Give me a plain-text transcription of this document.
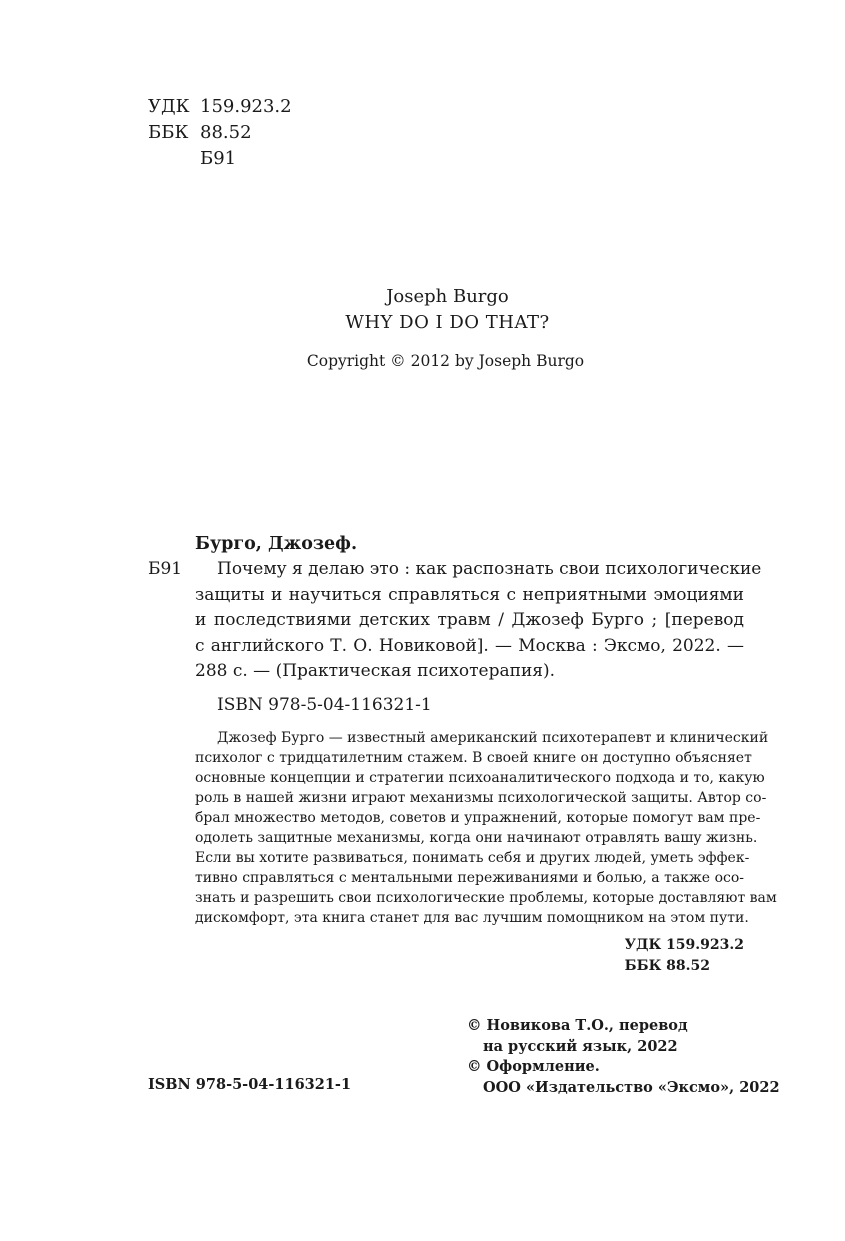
УДК 159.923.2
ББК 88.52
Б91
Joseph Burgo
WHY DO I DO THAT?
Copyright © 2012 by Joseph Burgo
Бурго, Джозеф.
Б91 Почему я делаю это : как распознать свои психологические
защиты и научиться справляться с неприятными эмоциями
и последствиями детских травм / Джозеф Бурго ; [перевод
с английского Т. О. Новиковой]. — Москва : Эксмо, 2022. —
288 с. — (Практическая психотерапия).
ISBN 978-5-04-116321-1
Джозеф Бурго — известный американский психотерапевт и клинический
психолог с тридцатилетним стажем. В своей книге он доступно объясняет
основные концепции и стратегии психоаналитического подхода и то, какую
роль в нашей жизни играют механизмы психологической защиты. Автор со-
брал множество методов, советов и упражнений, которые помогут вам пре-
одолеть защитные механизмы, когда они начинают отравлять вашу жизнь.
Если вы хотите развиваться, понимать себя и других людей, уметь эффек-
тивно справляться с ментальными переживаниями и болью, а также осо-
знать и разрешить свои психологические проблемы, которые доставляют вам
дискомфорт, эта книга станет для вас лучшим помощником на этом пути.
УДК 159.923.2
ББК 88.52
ISBN 978-5-04-116321-1
© Новикова Т.О., перевод
на русский язык, 2022
© Оформление.
ООО «Издательство «Эксмо», 2022
